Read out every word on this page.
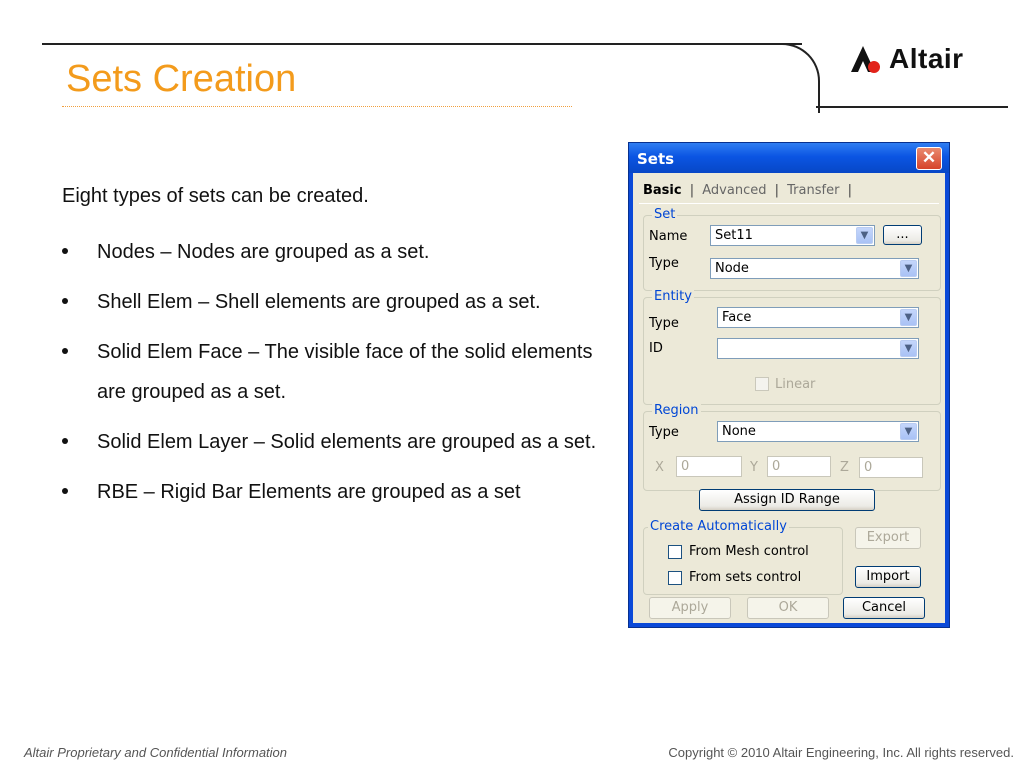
Sets Creation	Altair
Eight types of sets can be created.
Nodes – Nodes are grouped as a set.
Shell Elem – Shell elements are grouped as a set.
Solid Elem Face – The visible face of the solid elements are grouped as a set.
Solid Elem Layer – Solid elements are grouped as a set.
RBE – Rigid Bar Elements are grouped as a set
Altair Proprietary and Confidential Information	Copyright © 2010 Altair Engineering, Inc. All rights reserved.
Sets	✕
Basic | Advanced | Transfer |
Set
Name	Set11	▼	...
Type	Node	▼
Entity
Type	Face	▼
ID	▼
Linear
Region
Type	None	▼
X	0	Y	0	Z	0
Assign ID Range
Create Automatically
From Mesh control
From sets control
Export
Import
Apply	OK	Cancel
